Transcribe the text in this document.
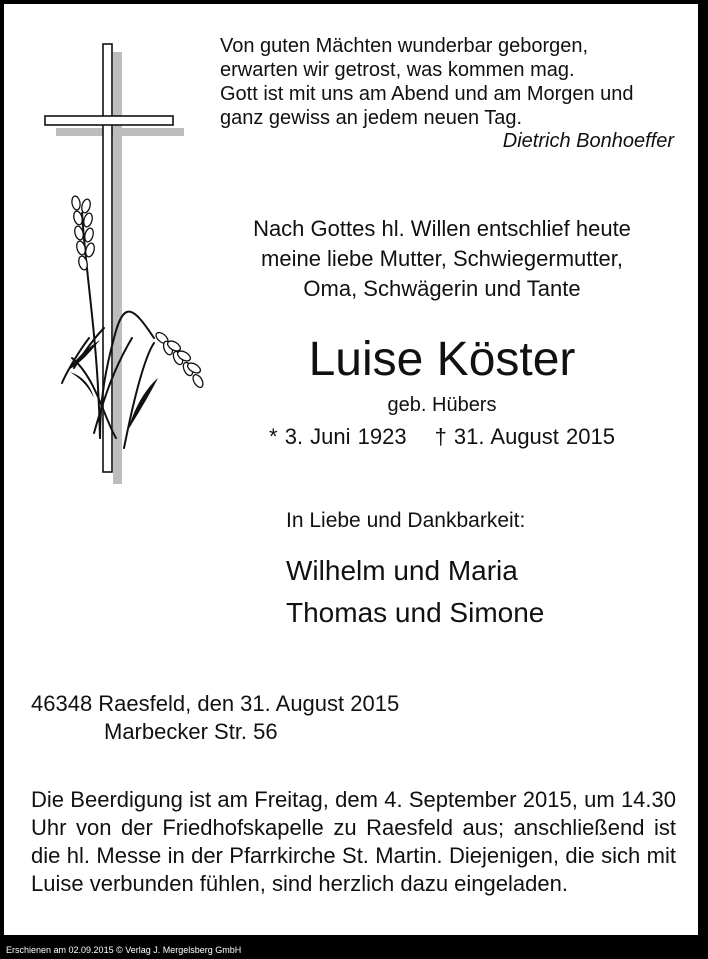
Von guten Mächten wunderbar geborgen,
erwarten wir getrost, was kommen mag.
Gott ist mit uns am Abend und am Morgen und
ganz gewiss an jedem neuen Tag.
Dietrich Bonhoeffer
Nach Gottes hl. Willen entschlief heute
meine liebe Mutter, Schwiegermutter,
Oma, Schwägerin und Tante
Luise Köster
geb. Hübers
* 3. Juni 1923 † 31. August 2015
In Liebe und Dankbarkeit:
Wilhelm und Maria
Thomas und Simone
46348 Raesfeld, den 31. August 2015
Marbecker Str. 56
Die Beerdigung ist am Freitag, dem 4. September 2015, um 14.30 Uhr von der Friedhofskapelle zu Raesfeld aus; anschließend ist die hl. Messe in der Pfarrkirche St. Martin. Diejenigen, die sich mit Luise verbunden fühlen, sind herzlich dazu eingeladen.
Erschienen am 02.09.2015 © Verlag J. Mergelsberg GmbH
